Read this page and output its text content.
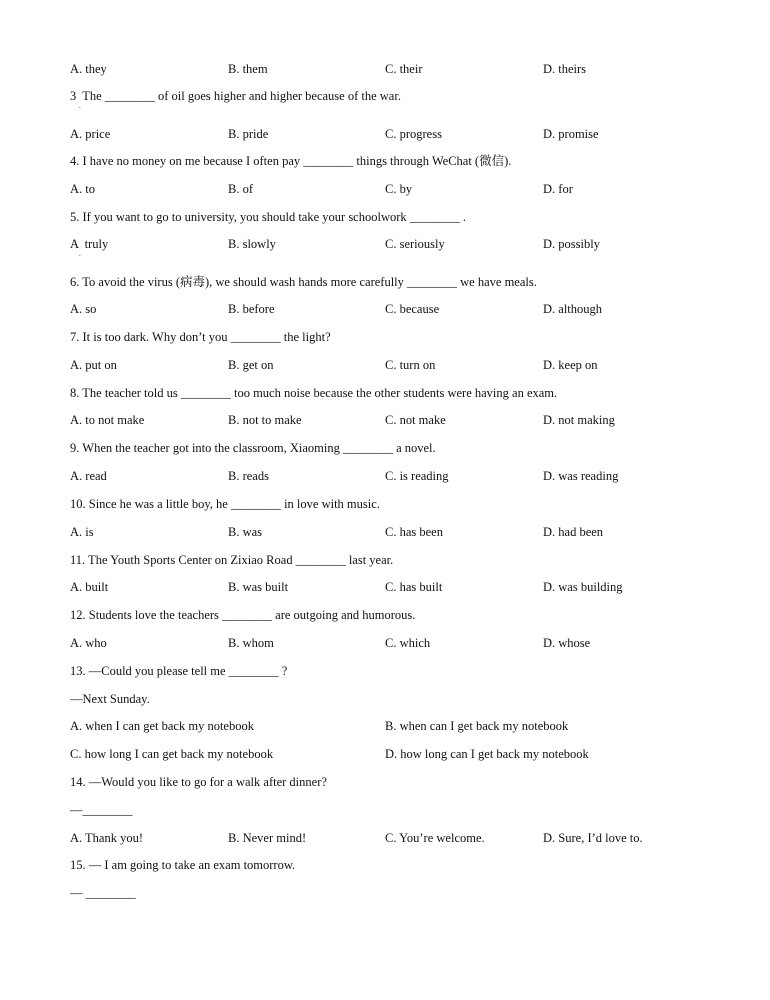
A. they	B. them	C. their	D. theirs
3 The ________ of oil goes higher and higher because of the war.
.
A. price	B. pride	C. progress	D. promise
4. I have no money on me because I often pay ________ things through WeChat (微信).
A. to	B. of	C. by	D. for
5. If you want to go to university, you should take your schoolwork ________ .
A  truly	B. slowly	C. seriously	D. possibly
.
6. To avoid the virus (病毒), we should wash hands more carefully ________ we have meals.
A. so	B. before	C. because	D. although
7. It is too dark. Why don’t you ________ the light?
A. put on	B. get on	C. turn on	D. keep on
8. The teacher told us ________ too much noise because the other students were having an exam.
A. to not make	B. not to make	C. not make	D. not making
9. When the teacher got into the classroom, Xiaoming ________ a novel.
A. read	B. reads	C. is reading	D. was reading
10. Since he was a little boy, he ________ in love with music.
A. is	B. was	C. has been	D. had been
11. The Youth Sports Center on Zixiao Road ________ last year.
A. built	B. was built	C. has built	D. was building
12. Students love the teachers ________ are outgoing and humorous.
A. who	B. whom	C. which	D. whose
13. —Could you please tell me ________ ?
—Next Sunday.
A. when I can get back my notebook	B. when can I get back my notebook
C. how long I can get back my notebook	D. how long can I get back my notebook
14. —Would you like to go for a walk after dinner?
—________
A. Thank you!	B. Never mind!	C. You’re welcome.	D. Sure, I’d love to.
15. — I am going to take an exam tomorrow.
— ________
